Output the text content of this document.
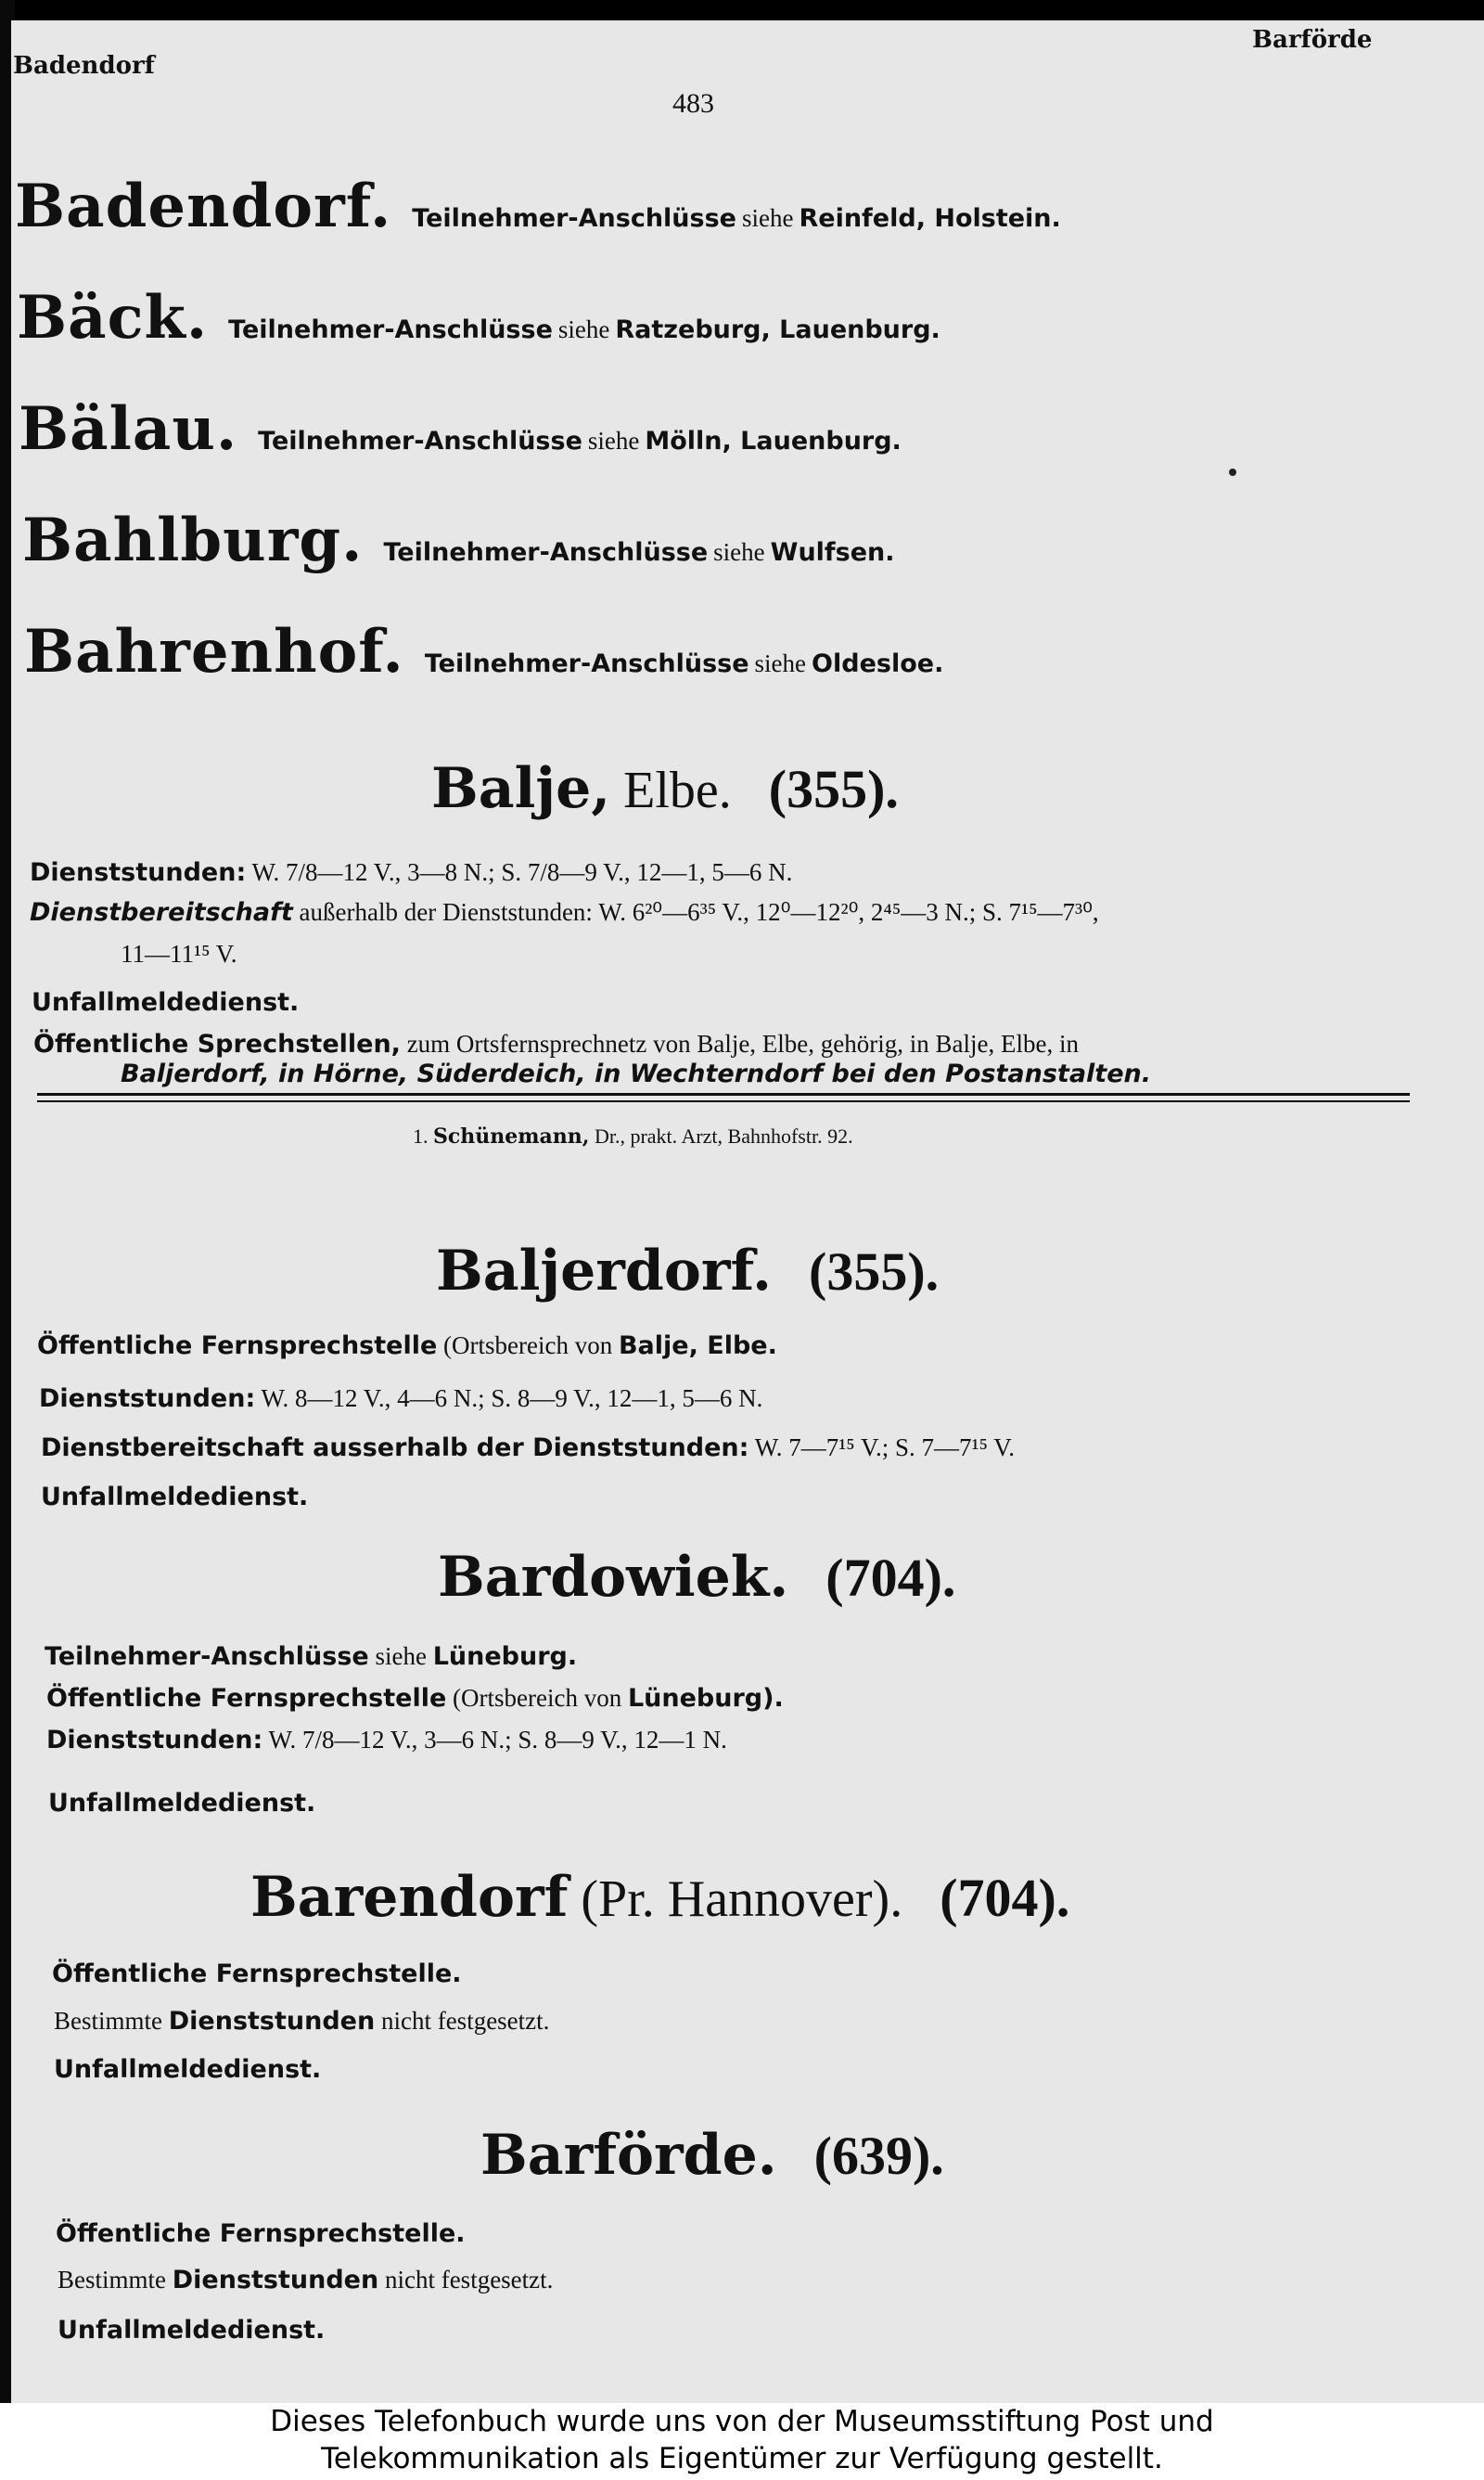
Badendorf
Barförde
483
Badendorf. Teilnehmer-Anschlüsse siehe Reinfeld, Holstein.
Bäck. Teilnehmer-Anschlüsse siehe Ratzeburg, Lauenburg.
Bälau. Teilnehmer-Anschlüsse siehe Mölln, Lauenburg.
Bahlburg. Teilnehmer-Anschlüsse siehe Wulfsen.
Bahrenhof. Teilnehmer-Anschlüsse siehe Oldesloe.
Balje, Elbe. (355).
Dienststunden: W. 7/8—12 V., 3—8 N.; S. 7/8—9 V., 12—1, 5—6 N.
Dienstbereitschaft außerhalb der Dienststunden: W. 6²⁰—6³⁵ V., 12⁰—12²⁰, 2⁴⁵—3 N.; S. 7¹⁵—7³⁰,
11—11¹⁵ V.
Unfallmeldedienst.
Öffentliche Sprechstellen, zum Ortsfernsprechnetz von Balje, Elbe, gehörig, in Balje, Elbe, in
Baljerdorf, in Hörne, Süderdeich, in Wechterndorf bei den Postanstalten.
1. Schünemann, Dr., prakt. Arzt, Bahnhofstr. 92.
Baljerdorf. (355).
Öffentliche Fernsprechstelle (Ortsbereich von Balje, Elbe.
Dienststunden: W. 8—12 V., 4—6 N.; S. 8—9 V., 12—1, 5—6 N.
Dienstbereitschaft ausserhalb der Dienststunden: W. 7—7¹⁵ V.; S. 7—7¹⁵ V.
Unfallmeldedienst.
Bardowiek. (704).
Teilnehmer-Anschlüsse siehe Lüneburg.
Öffentliche Fernsprechstelle (Ortsbereich von Lüneburg).
Dienststunden: W. 7/8—12 V., 3—6 N.; S. 8—9 V., 12—1 N.
Unfallmeldedienst.
Barendorf (Pr. Hannover). (704).
Öffentliche Fernsprechstelle.
Bestimmte Dienststunden nicht festgesetzt.
Unfallmeldedienst.
Barförde. (639).
Öffentliche Fernsprechstelle.
Bestimmte Dienststunden nicht festgesetzt.
Unfallmeldedienst.
Dieses Telefonbuch wurde uns von der Museumsstiftung Post und
Telekommunikation als Eigentümer zur Verfügung gestellt.
